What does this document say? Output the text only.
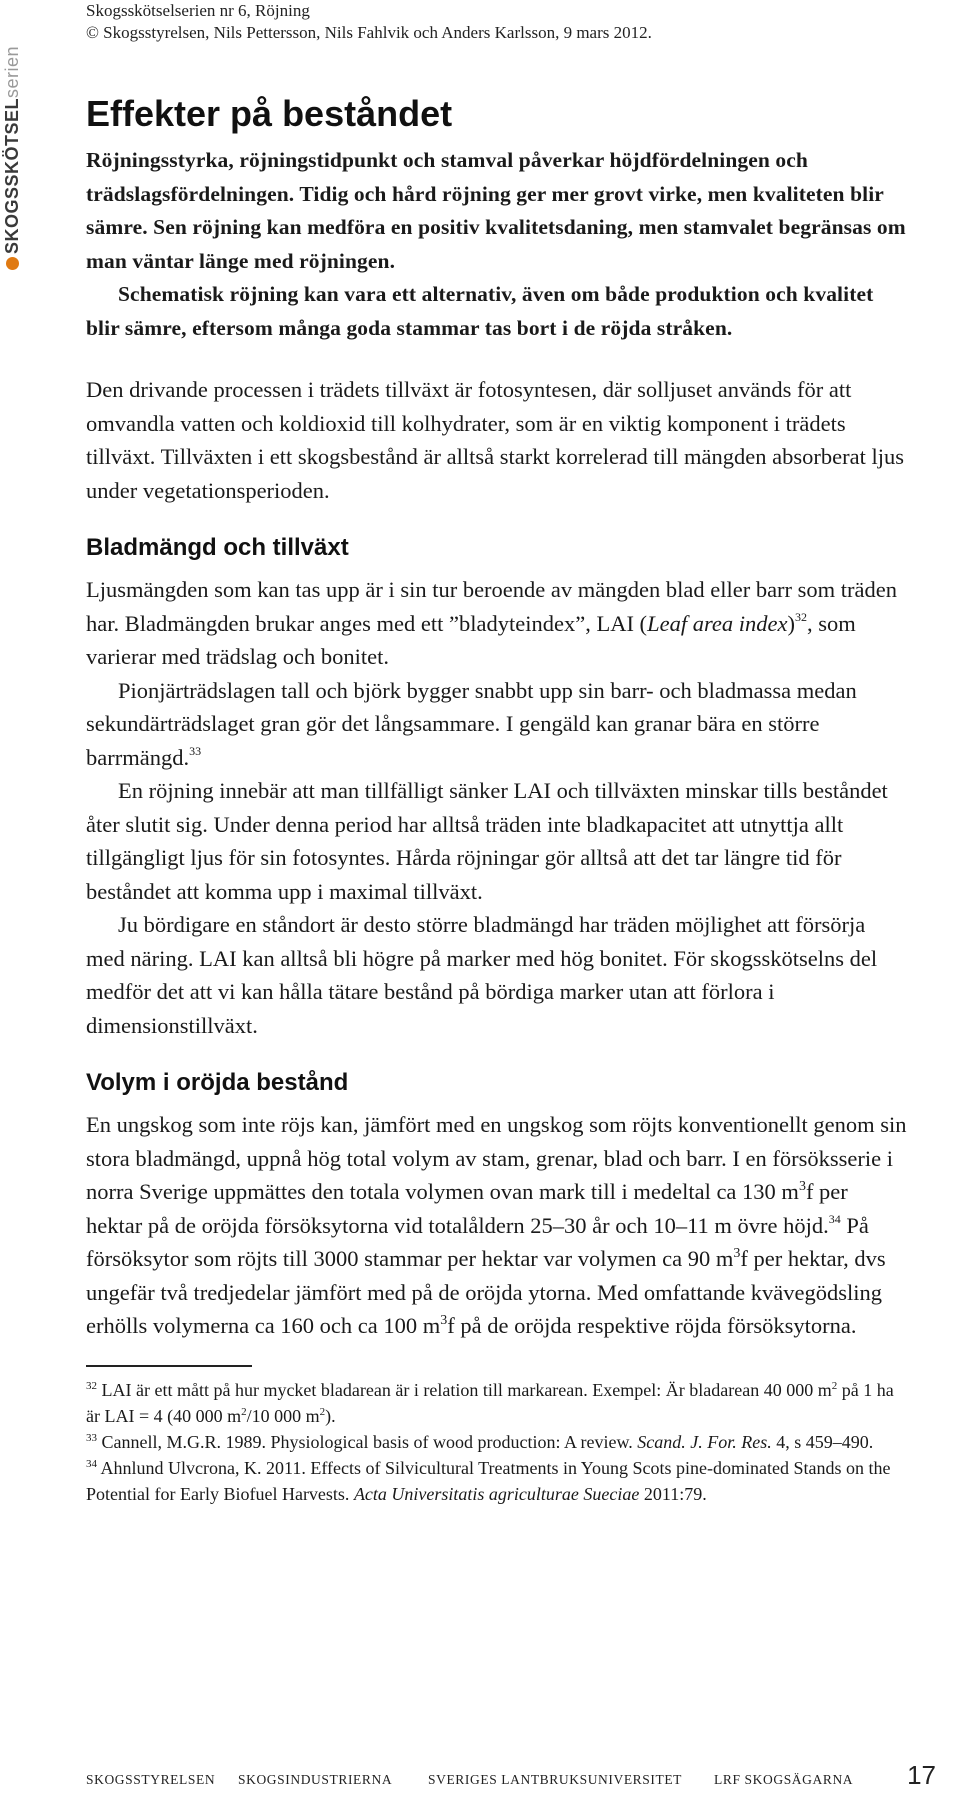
SKOGSSKÖTSELserien
Skogsskötselserien nr 6, Röjning
© Skogsstyrelsen, Nils Pettersson, Nils Fahlvik och Anders Karlsson, 9 mars 2012.
Effekter på beståndet

Röjningsstyrka, röjningstidpunkt och stamval påverkar höjdfördelningen och trädslagsfördelningen. Tidig och hård röjning ger mer grovt virke, men kvaliteten blir sämre. Sen röjning kan medföra en positiv kvalitetsdaning, men stamvalet begränsas om man väntar länge med röjningen.

Schematisk röjning kan vara ett alternativ, även om både produktion och kvalitet blir sämre, eftersom många goda stammar tas bort i de röjda stråken.

Den drivande processen i trädets tillväxt är fotosyntesen, där solljuset används för att omvandla vatten och koldioxid till kolhydrater, som är en viktig komponent i trädets tillväxt. Tillväxten i ett skogsbestånd är alltså starkt korrelerad till mängden absorberat ljus under vegetationsperioden.

Bladmängd och tillväxt

Ljusmängden som kan tas upp är i sin tur beroende av mängden blad eller barr som träden har. Bladmängden brukar anges med ett ”bladyteindex”, LAI (Leaf area index)$^{32}$, som varierar med trädslag och bonitet.

Pionjärträdslagen tall och björk bygger snabbt upp sin barr- och bladmassa medan sekundärträdslaget gran gör det långsammare. I gengäld kan granar bära en större barrmängd.$^{33}$

En röjning innebär att man tillfälligt sänker LAI och tillväxten minskar tills beståndet åter slutit sig. Under denna period har alltså träden inte bladkapacitet att utnyttja allt tillgängligt ljus för sin fotosyntes. Hårda röjningar gör alltså att det tar längre tid för beståndet att komma upp i maximal tillväxt.

Ju bördigare en ståndort är desto större bladmängd har träden möjlighet att försörja med näring. LAI kan alltså bli högre på marker med hög bonitet. För skogsskötselns del medför det att vi kan hålla tätare bestånd på bördiga marker utan att förlora i dimensionstillväxt.

Volym i oröjda bestånd

En ungskog som inte röjs kan, jämfört med en ungskog som röjts konventionellt genom sin stora bladmängd, uppnå hög total volym av stam, grenar, blad och barr. I en försöksserie i norra Sverige uppmättes den totala volymen ovan mark till i medeltal ca 130 $m^3f$ per hektar på de oröjda försöksytorna vid totalåldern 25–30 år och 10–11 m övre höjd.$^{34}$ På försöksytor som röjts till 3000 stammar per hektar var volymen ca 90 $m^3f$ per hektar, dvs ungefär två tredjedelar jämfört med på de oröjda ytorna. Med omfattande kvävegödsling erhölls volymerna ca 160 och ca 100 $m^3f$ på de oröjda respektive röjda försöksytorna.

$^{32}$ LAI är ett mått på hur mycket bladarean är i relation till markarean. Exempel: Är bladarean 40 000 $m^2$ på 1 ha är LAI = 4 (40 000 $m^2/10$ 000 $m^2$).

$^{33}$ Cannell, M.G.R. 1989. Physiological basis of wood production: A review. Scand. J. For. Res. 4, s 459–490.

$^{34}$ Ahnlund Ulvcrona, K. 2011. Effects of Silvicultural Treatments in Young Scots pine-dominated Stands on the Potential for Early Biofuel Harvests. Acta Universitatis agriculturae Sueciae 2011:79.

SKOGSSTYRELSEN SKOGSINDUSTRIERNA	SVERIGES LANTBRUKSUNIVERSITET LRF SKOGSÄGARNA 17
